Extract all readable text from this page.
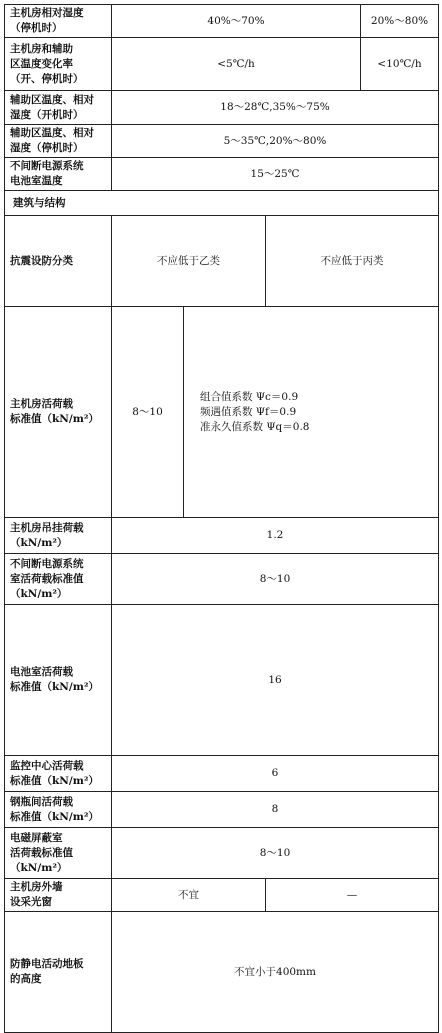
主机房相对湿度
（停机时）	40%～70%			20%～80%	

主机房和辅助
区温度变化率
（开、停机时）	<5℃/h			<10℃/h	

辅助区温度、相对
湿度（开机时）	18～28℃,35%～75%				

辅助区温度、相对
湿度（停机时）	5～35℃,20%～80%				

不间断电源系统
电池室温度	15～25℃				
建筑与结构					
抗震设防分类	不应低于乙类		不应低于丙类		

主机房活荷载
标准值（kN/m²）	8～10	组合值系数 Ψc＝0.9
频遇值系数 Ψf＝0.9
准永久值系数 Ψq＝0.8

主机房吊挂荷载
（kN/m²）	1.2	

不间断电源系统
室活荷载标准值
（kN/m²）	8～10	

电池室活荷载
标准值（kN/m²）	16	

监控中心活荷载
标准值（kN/m²）	6	

钢瓶间活荷载
标准值（kN/m²）	8	

电磁屏蔽室
活荷载标准值
（kN/m²）	8～10	

主机房外墙
设采光窗	不宜		—	

防静电活动地板
的高度	不宜小于400mm	
